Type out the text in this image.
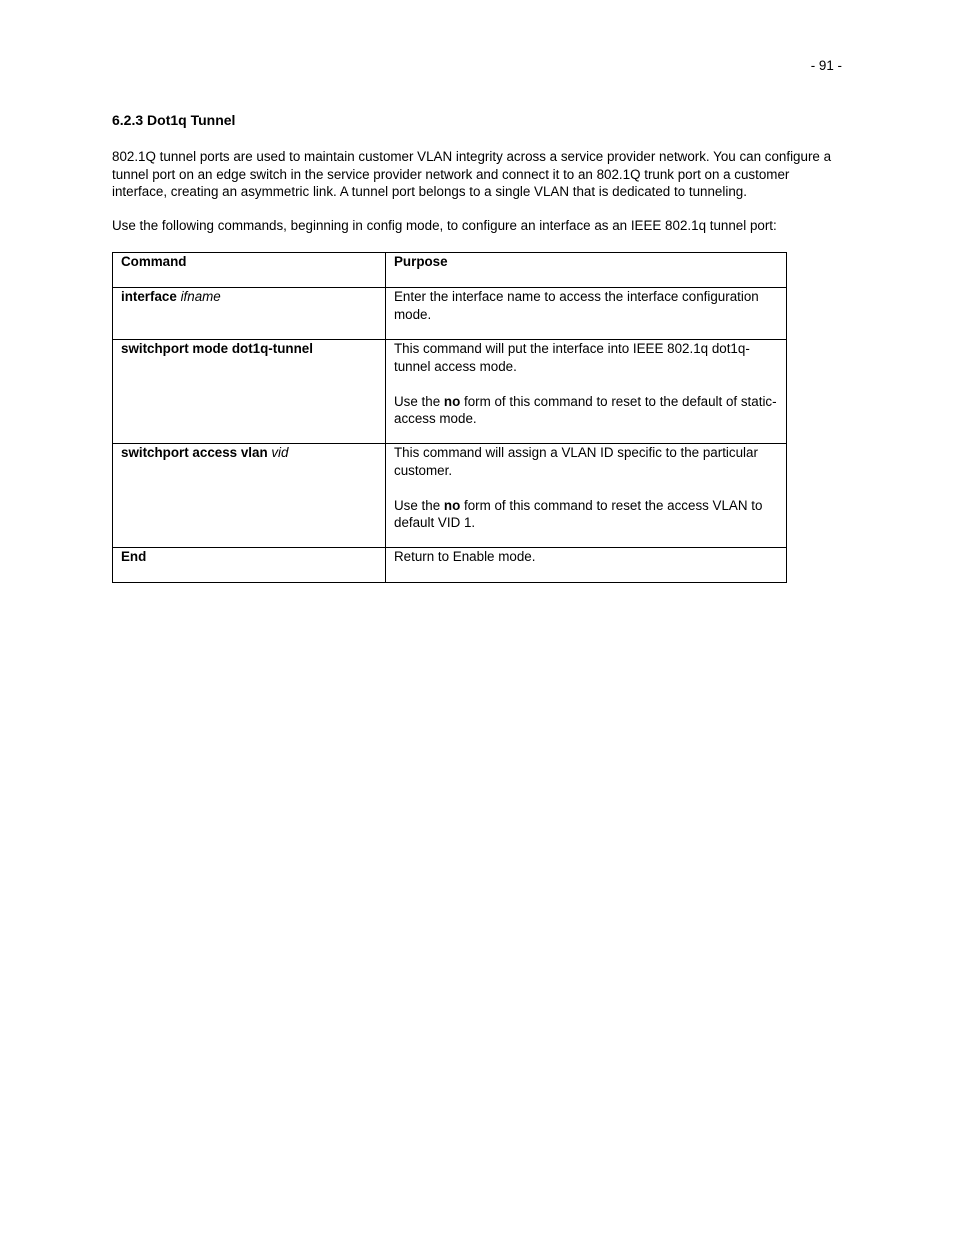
- 91 -
6.2.3 Dot1q Tunnel

802.1Q tunnel ports are used to maintain customer VLAN integrity across a service provider network. You can configure a tunnel port on an edge switch in the service provider network and connect it to an 802.1Q trunk port on a customer interface, creating an asymmetric link. A tunnel port belongs to a single VLAN that is dedicated to tunneling.

Use the following commands, beginning in config mode, to configure an interface as an IEEE 802.1q tunnel port:

Command	Purpose
interface ifname	Enter the interface name to access the interface configuration mode.

switchport mode dot1q-tunnel	This command will put the interface into IEEE 802.1q dot1q-tunnel access mode.

Use the no form of this command to reset to the default of static-access mode.

switchport access vlan vid	This command will assign a VLAN ID specific to the particular customer.

Use the no form of this command to reset the access VLAN to default VID 1.

End	Return to Enable mode.
